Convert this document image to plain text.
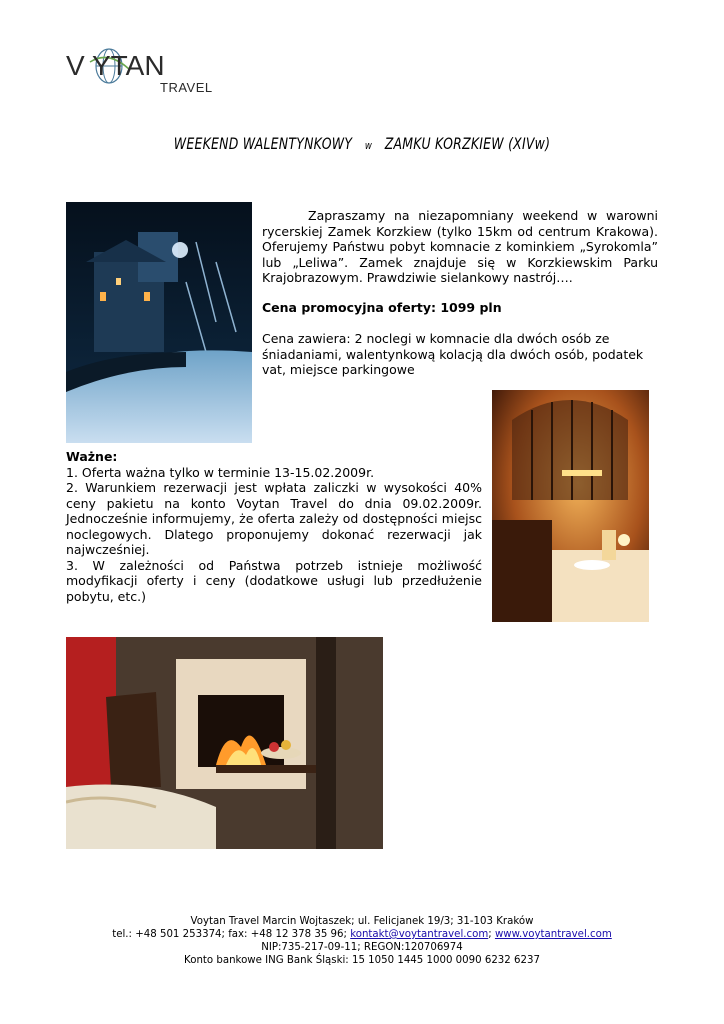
V YTAN
TRAVEL
WEEKEND WALENTYNKOWY w ZAMKU KORZKIEW (XIVw)
Zapraszamy na niezapomniany weekend w warowni rycerskiej Zamek Korzkiew (tylko 15km od centrum Krakowa). Oferujemy Państwu pobyt komnacie z kominkiem „Syrokomla” lub „Leliwa”. Zamek znajduje się w Korzkiewskim Parku Krajobrazowym. Prawdziwie sielankowy nastrój….
Cena promocyjna oferty: 1099 pln
Cena zawiera: 2 noclegi w komnacie dla dwóch osób ze śniadaniami, walentynkową kolacją dla dwóch osób, podatek vat, miejsce parkingowe

Ważne:

1. Oferta ważna tylko w terminie 13-15.02.2009r.

2. Warunkiem rezerwacji jest wpłata zaliczki w wysokości 40% ceny pakietu na konto Voytan Travel do dnia 09.02.2009r. Jednocześnie informujemy, że oferta zależy od dostępności miejsc noclegowych. Dlatego proponujemy dokonać rezerwacji jak najwcześniej.

3. W zależności od Państwa potrzeb istnieje możliwość modyfikacji oferty i ceny (dodatkowe usługi lub przedłużenie pobytu, etc.)

Voytan Travel Marcin Wojtaszek; ul. Felicjanek 19/3; 31-103 Kraków
tel.: +48 501 253374; fax: +48 12 378 35 96; kontakt@voytantravel.com; www.voytantravel.com
NIP:735-217-09-11; REGON:120706974
Konto bankowe ING Bank Śląski: 15 1050 1445 1000 0090 6232 6237
